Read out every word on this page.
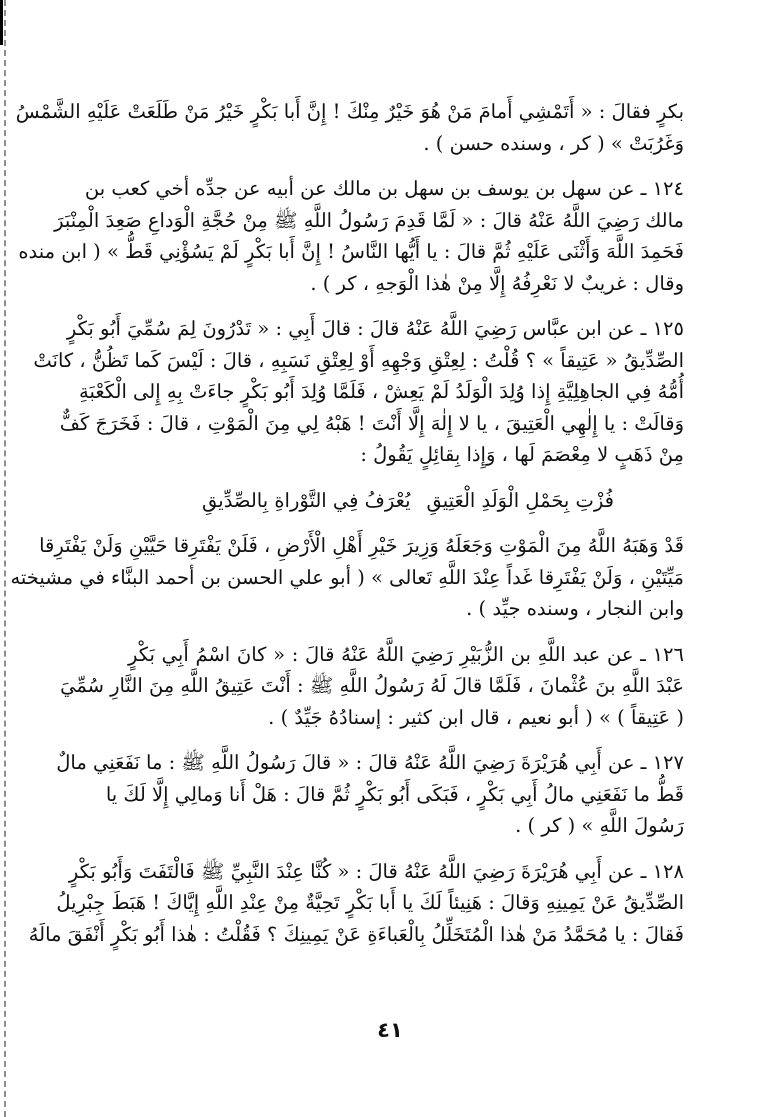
بكرٍ فقالَ : « أَتَمْشِي أَمامَ مَنْ هُوَ خَيْرٌ مِنْكَ ! إِنَّ أَبا بَكْرٍ خَيْرُ مَنْ طَلَعَتْ عَلَيْهِ الشَّمْسُ
وَغَرُبَتْ » ( كر ، وسنده حسن ) .

١٢٤ ـ عن سهل بن يوسف بن سهل بن مالك عن أبيه عن جدِّه أخي كعب بن
مالك رَضِيَ اللَّهُ عَنْهُ قالَ : « لَمَّا قَدِمَ رَسُولُ اللَّهِ ﷺ مِنْ حُجَّةِ الْوَداعِ صَعِدَ الْمِنْبَرَ
فَحَمِدَ اللَّهَ وَأَثْنَى عَلَيْهِ ثُمَّ قالَ : يا أَيُّها النَّاسُ ! إِنَّ أَبا بَكْرٍ لَمْ يَسُؤْنِي قَطُّ » ( ابن منده
وقال : غريبٌ لا نَعْرِفُهُ إِلَّا مِنْ هٰذا الْوَجهِ ، كر ) .

١٢٥ ـ عن ابن عبَّاس رَضِيَ اللَّهُ عَنْهُ قالَ : قالَ أَبِي : « تَدْرُونَ لِمَ سُمِّيَ أَبُو بَكْرٍ
الصِّدِّيقُ « عَتِيقاً » ؟ قُلْتُ : لِعِتْقِ وَجْهِهِ أَوْ لِعِتْقِ نَسَبِهِ ، قالَ : لَيْسَ كَما تَظُنُّ ، كانَتْ
أُمُّهُ فِي الجاهِلِيَّةِ إِذا وُلِدَ الْوَلَدُ لَمْ يَعِشْ ، فَلَمَّا وُلِدَ أَبُو بَكْرٍ جاءَتْ بِهِ إِلى الْكَعْبَةِ
وَقالَتْ : يا إِلٰهِي الْعَتِيقَ ، يا لا إِلٰهَ إِلَّا أَنْتَ ! هَبْهُ لِي مِنَ الْمَوْتِ ، قالَ : فَخَرَجَ كَفٌّ
مِنْ ذَهَبٍ لا مِعْصَمَ لَها ، وَإِذا بِقائِلٍ يَقُولُ :

فُزْتِ بِحَمْلِ الْوَلَدِ الْعَتِيقِ
يُعْرَفُ فِي التَّوْراةِ بِالصِّدِّيقِ

قَدْ وَهَبَهُ اللَّهُ مِنَ الْمَوْتِ وَجَعَلَهُ وَزِيرَ خَيْرِ أَهْلِ الْأَرْضِ ، فَلَنْ يَفْتَرِقا حَيَّيْنِ وَلَنْ يَفْتَرِقا
مَيِّتَيْنِ ، وَلَنْ يَفْتَرِقا غَداً عِنْدَ اللَّهِ تَعالى » ( أبو علي الحسن بن أحمد البنَّاء في مشيخته
وابن النجار ، وسنده جيِّد ) .

١٢٦ ـ عن عبد اللَّهِ بن الزُّبَيْرِ رَضِيَ اللَّهُ عَنْهُ قالَ : « كانَ اسْمُ أَبِي بَكْرٍ
عَبْدَ اللَّهِ بنَ عُثْمانَ ، فَلَمَّا قالَ لَهُ رَسُولُ اللَّهِ ﷺ : أَنْتَ عَتِيقُ اللَّهِ مِنَ النَّارِ سُمِّيَ
( عَتِيقاً ) » ( أبو نعيم ، قال ابن كثير : إسنادُهُ جَيِّدٌ ) .

١٢٧ ـ عن أَبِي هُرَيْرَةَ رَضِيَ اللَّهُ عَنْهُ قالَ : « قالَ رَسُولُ اللَّهِ ﷺ : ما نَفَعَنِي مالٌ
قَطُّ ما نَفَعَنِي مالُ أَبِي بَكْرٍ ، فَبَكَى أَبُو بَكْرٍ ثُمَّ قالَ : هَلْ أَنا وَمالِي إِلَّا لَكَ يا
رَسُولَ اللَّهِ » ( كر ) .

١٢٨ ـ عن أَبِي هُرَيْرَةَ رَضِيَ اللَّهُ عَنْهُ قالَ : « كُنَّا عِنْدَ النَّبِيِّ ﷺ فَالْتَفَتَ وَأَبُو بَكْرٍ
الصِّدِّيقُ عَنْ يَمِينِهِ وَقالَ : هَنِيئاً لَكَ يا أَبا بَكْرٍ تَحِيَّةٌ مِنْ عِنْدِ اللَّهِ إِيَّاكَ ! هَبَطَ جِبْرِيلُ
فَقالَ : يا مُحَمَّدُ مَنْ هٰذا الْمُتَخَلِّلُ بِالْعَباءَةِ عَنْ يَمِينِكَ ؟ فَقُلْتُ : هٰذا أَبُو بَكْرٍ أَنْفَقَ مالَهُ

٤١
